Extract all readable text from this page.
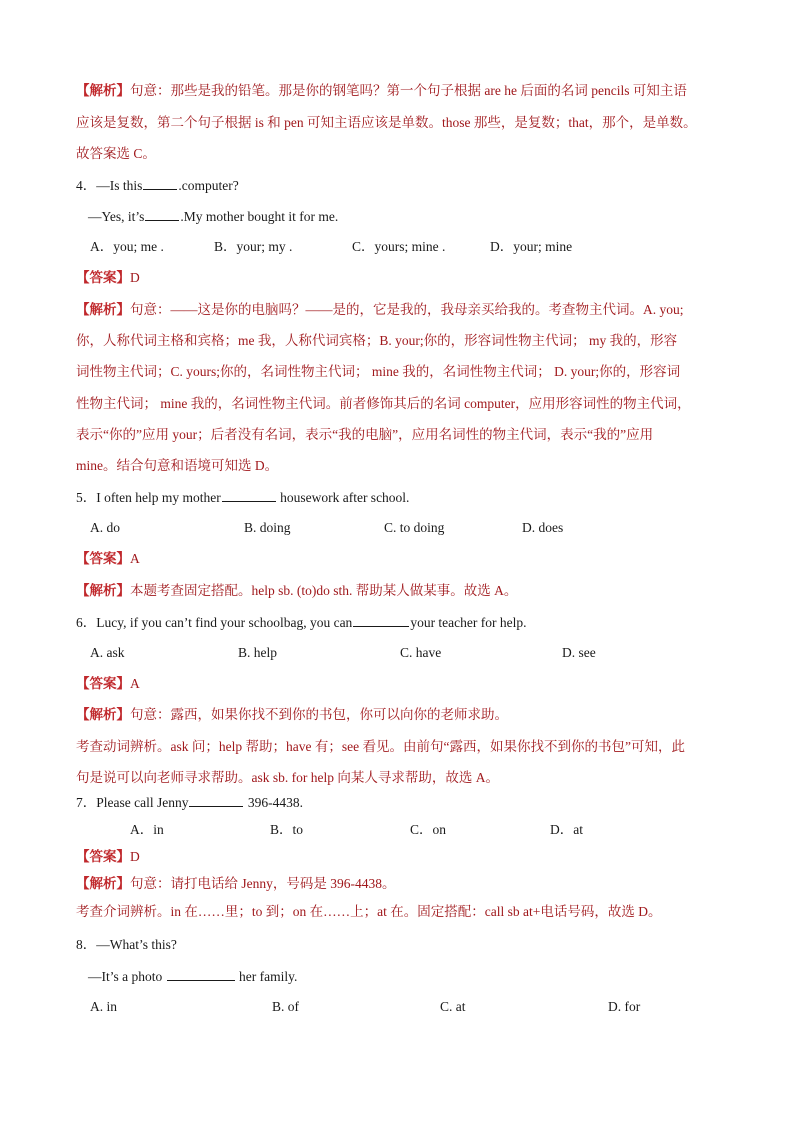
【解析】句意：那些是我的铅笔。那是你的钢笔吗？第一个句子根据 are he 后面的名词 pencils 可知主语
应该是复数，第二个句子根据 is 和 pen 可知主语应该是单数。those 那些，是复数；that，那个，是单数。
故答案选 C。
4．—Is this	.computer?
—Yes, it’s	.My mother bought it for me.
A．you; me .	B．your; my .	C．yours; mine .	D．your; mine
【答案】D
【解析】句意：——这是你的电脑吗？——是的，它是我的，我母亲买给我的。考查物主代词。A. you;
你，人称代词主格和宾格；me 我，人称代词宾格；B. your;你的，形容词性物主代词； my 我的，形容
词性物主代词；C. yours;你的，名词性物主代词； mine 我的，名词性物主代词； D. your;你的，形容词
性物主代词； mine 我的，名词性物主代词。前者修饰其后的名词 computer，应用形容词性的物主代词，
表示“你的”应用 your；后者没有名词，表示“我的电脑”，应用名词性的物主代词，表示“我的”应用
mine。结合句意和语境可知选 D。
5．I often help my mother	housework after school.
A. do	B. doing	C. to doing	D. does
【答案】A
【解析】本题考查固定搭配。help sb. (to)do sth. 帮助某人做某事。故选 A。
6．Lucy, if you can’t find your schoolbag, you can	your teacher for help.
A. ask	B. help	C. have	D. see
【答案】A
【解析】句意：露西，如果你找不到你的书包，你可以向你的老师求助。
考查动词辨析。ask 问；help 帮助；have 有；see 看见。由前句“露西，如果你找不到你的书包”可知，此
句是说可以向老师寻求帮助。ask sb. for help 向某人寻求帮助，故选 A。
7．Please call Jenny	396-4438.
A．in	B．to	C．on	D．at
【答案】D
【解析】句意：请打电话给 Jenny，号码是 396-4438。
考查介词辨析。in 在……里；to 到；on 在……上；at 在。固定搭配：call sb at+电话号码，故选 D。
8．—What’s this?
—It’s a photo	her family.
A. in	B. of	C. at	D. for
